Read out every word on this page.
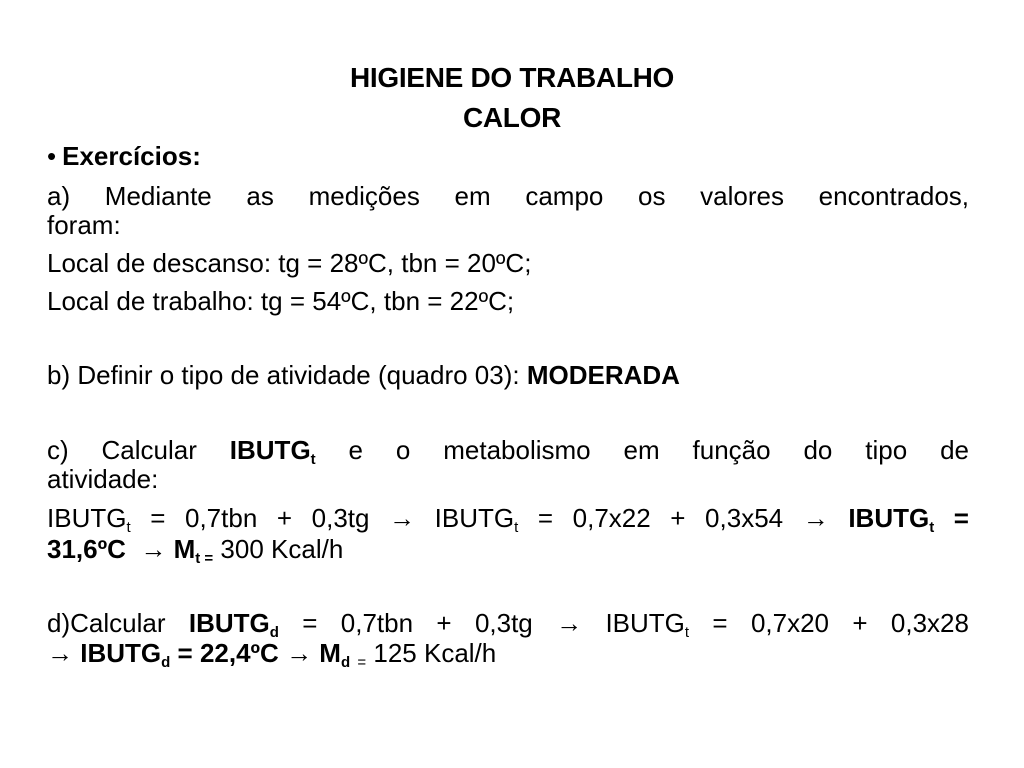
HIGIENE DO TRABALHO
CALOR
• Exercícios:
a) Mediante as medições em campo os valores encontrados,
foram:
Local de descanso: tg = 28ºC, tbn = 20ºC;
Local de trabalho: tg = 54ºC, tbn = 22ºC;
b) Definir o tipo de atividade (quadro 03): MODERADA
c) Calcular $IBUTG_t$ e o metabolismo em função do tipo de
atividade:
$IBUTG_t = 0,7tbn + 0,3tg$ → $IBUTG_t = 0,7x22 + 0,3x54$ → $IBUTG_t$ =
31,6ºC → $M_{t =}$ 300 Kcal/h
d)Calcular $IBUTG_d = 0,7tbn + 0,3tg$ → $IBUTG_t = 0,7x20 + 0,3x28$
→ $IBUTG_d$ = 22,4ºC → $M_d$ $_=$ 125 Kcal/h
